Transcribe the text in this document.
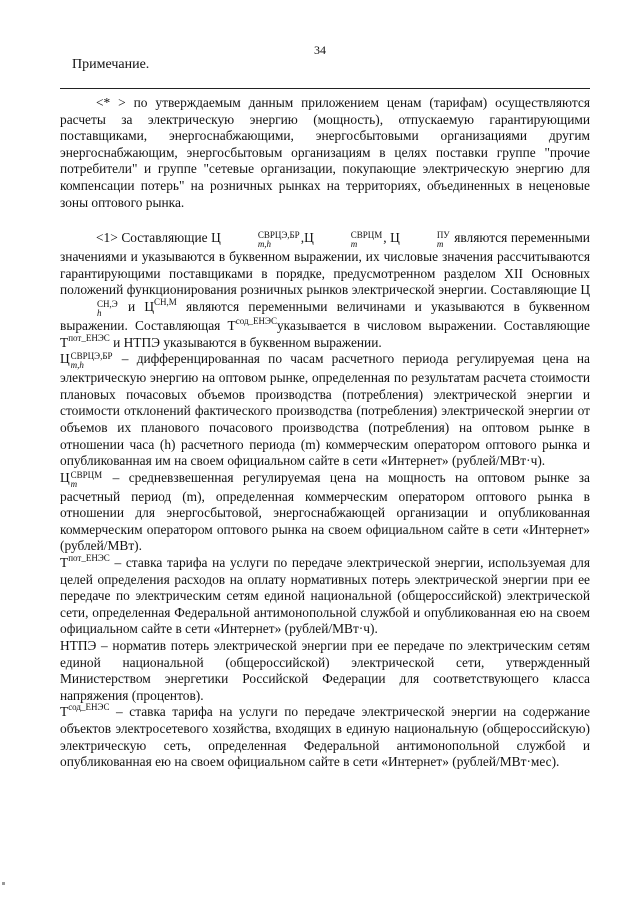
34
Примечание.

<* > по утверждаемым данным приложением ценам (тарифам) осуществляются расчеты за электрическую энергию (мощность), отпускаемую гарантирующими поставщиками, энергоснабжающими, энергосбытовыми организациями другим энергоснабжающим, энергосбытовым организациям в целях поставки группе "прочие потребители" и группе "сетевые организации, покупающие электрическую энергию для компенсации потерь" на розничных рынках на территориях, объединенных в неценовые зоны оптового рынка.

<1> Составляющие Ц	СВРЦЭ,БР
m,h	,Ц	СВРЦМ
m	, Ц	ПУ
m являются переменными значениями и указываются в буквенном выражении, их числовые значения рассчитываются гарантирующими поставщиками в порядке, предусмотренном разделом XII Основных положений функционирования розничных рынков электрической энергии. Составляющие Ц
СН,Э
h	и $Ц^{СН,М}$ являются переменными величинами и указываются в буквенном выражении. Составляющая $Т^{сод\_ЕНЭС}указывается$ в числовом выражении. Составляющие $Т^{пот\_ЕНЭС}$ и НТПЭ указываются в буквенном выражении.

Ц СВРЦЭ,БР
m,h	– дифференцированная по часам расчетного периода регулируемая цена на электрическую энергию на оптовом рынке, определенная по результатам расчета стоимости плановых почасовых объемов производства (потребления) электрической энергии и стоимости отклонений фактического производства (потребления) электрической энергии от объемов их планового почасового производства (потребления) на оптовом рынке в отношении часа (h) расчетного периода (m) коммерческим оператором оптового рынка и опубликованная им на своем официальном сайте в сети «Интернет» (рублей/МВт·ч).

Ц СВРЦМ
m	– средневзвешенная регулируемая цена на мощность на оптовом рынке за расчетный период (m), определенная коммерческим оператором оптового рынка в отношении для энергосбытовой, энергоснабжающей организации и опубликованная коммерческим оператором оптового рынка на своем официальном сайте в сети «Интернет» (рублей/МВт).

$Т^{пот\_ЕНЭС}$ – ставка тарифа на услуги по передаче электрической энергии, используемая для целей определения расходов на оплату нормативных потерь электрической энергии при ее передаче по электрическим сетям единой национальной (общероссийской) электрической сети, определенная Федеральной антимонопольной службой и опубликованная ею на своем официальном сайте в сети «Интернет» (рублей/МВт·ч).

НТПЭ – норматив потерь электрической энергии при ее передаче по электрическим сетям единой национальной (общероссийской) электрической сети, утвержденный Министерством энергетики Российской Федерации для соответствующего класса напряжения (процентов).

$Т^{сод\_ЕНЭС}$ – ставка тарифа на услуги по передаче электрической энергии на содержание объектов электросетевого хозяйства, входящих в единую национальную (общероссийскую) электрическую сеть, определенная Федеральной антимонопольной службой и опубликованная ею на своем официальном сайте в сети «Интернет» (рублей/МВт·мес).
